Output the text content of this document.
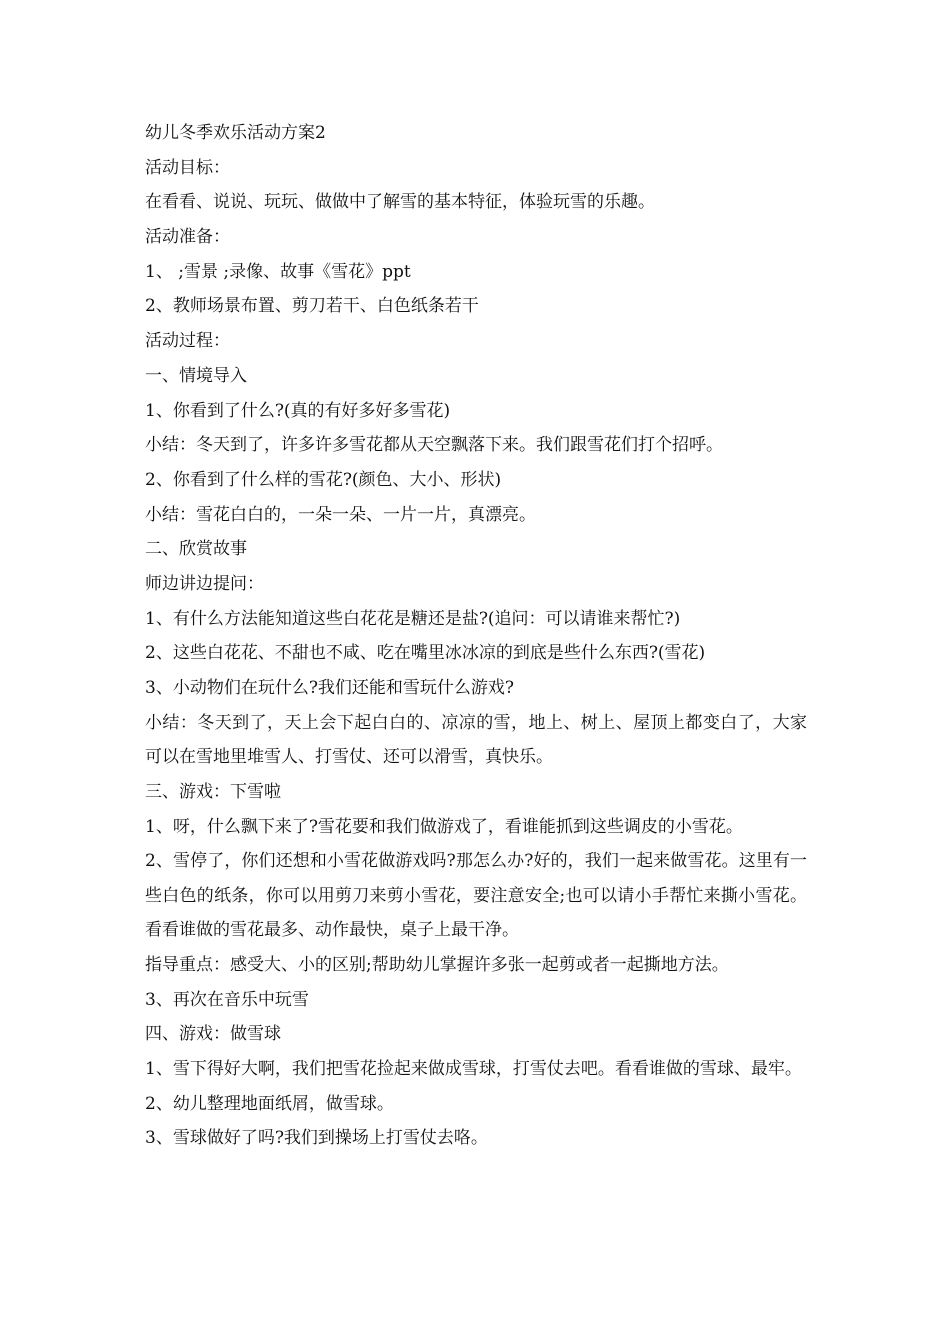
幼儿冬季欢乐活动方案2

活动目标：

在看看、说说、玩玩、做做中了解雪的基本特征，体验玩雪的乐趣。

活动准备：

1、 ;雪景 ;录像、故事《雪花》ppt

2、教师场景布置、剪刀若干、白色纸条若干

活动过程：

一、情境导入

1、你看到了什么?(真的有好多好多雪花)

小结：冬天到了，许多许多雪花都从天空飘落下来。我们跟雪花们打个招呼。

2、你看到了什么样的雪花?(颜色、大小、形状)

小结：雪花白白的，一朵一朵、一片一片，真漂亮。

二、欣赏故事

师边讲边提问：

1、有什么方法能知道这些白花花是糖还是盐?(追问：可以请谁来帮忙?)

2、这些白花花、不甜也不咸、吃在嘴里冰冰凉的到底是些什么东西?(雪花)

3、小动物们在玩什么?我们还能和雪玩什么游戏?

小结：冬天到了，天上会下起白白的、凉凉的雪，地上、树上、屋顶上都变白了，大家可以在雪地里堆雪人、打雪仗、还可以滑雪，真快乐。

三、游戏：下雪啦

1、呀，什么飘下来了?雪花要和我们做游戏了，看谁能抓到这些调皮的小雪花。

2、雪停了，你们还想和小雪花做游戏吗?那怎么办?好的，我们一起来做雪花。这里有一些白色的纸条，你可以用剪刀来剪小雪花，要注意安全;也可以请小手帮忙来撕小雪花。看看谁做的雪花最多、动作最快，桌子上最干净。

指导重点：感受大、小的区别;帮助幼儿掌握许多张一起剪或者一起撕地方法。

3、再次在音乐中玩雪

四、游戏：做雪球

1、雪下得好大啊，我们把雪花捡起来做成雪球，打雪仗去吧。看看谁做的雪球、最牢。

2、幼儿整理地面纸屑，做雪球。

3、雪球做好了吗?我们到操场上打雪仗去咯。
